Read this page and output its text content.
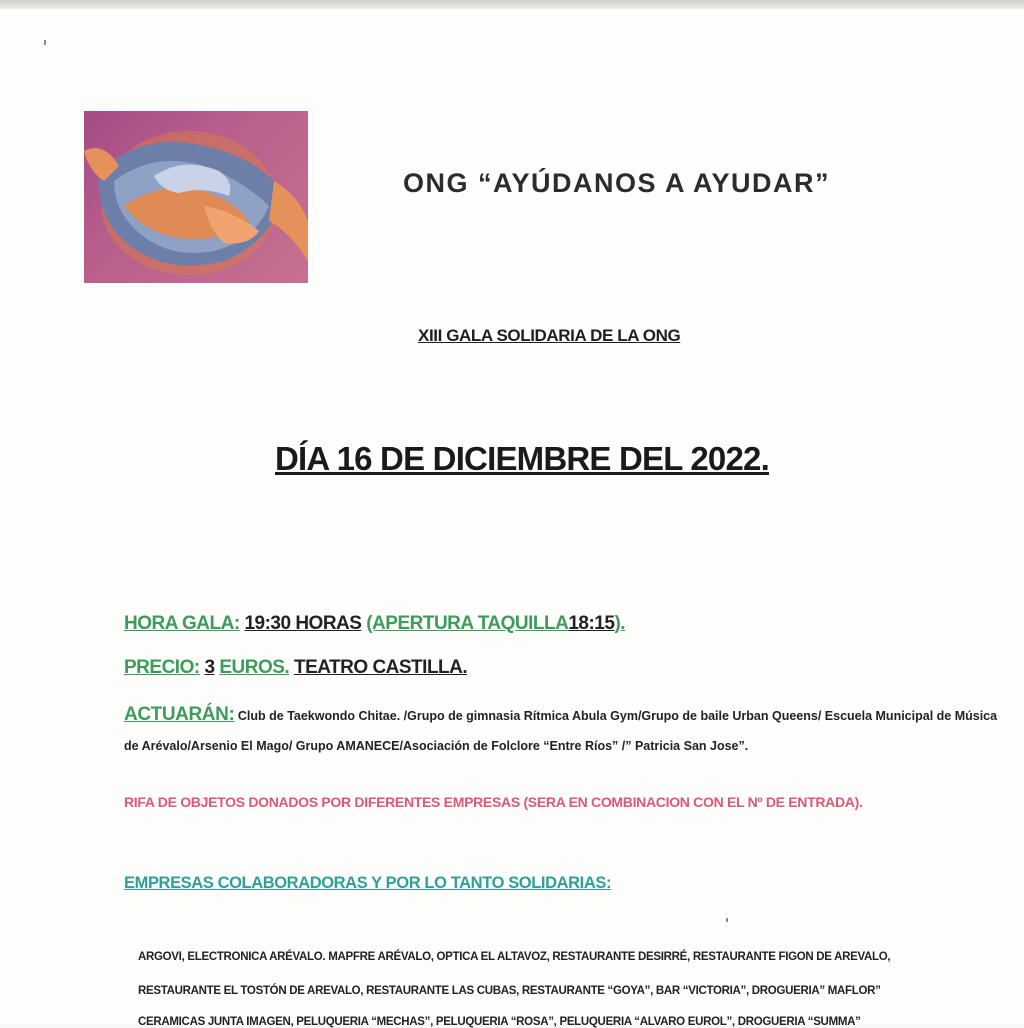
ONG “AYÚDANOS A AYUDAR”
XIII GALA SOLIDARIA DE LA ONG
DÍA 16 DE DICIEMBRE DEL 2022.
HORA GALA: 19:30 HORAS (APERTURA TAQUILLA18:15).
PRECIO: 3 EUROS. TEATRO CASTILLA.
ACTUARÁN: Club de Taekwondo Chitae. /Grupo de gimnasia Rítmica Abula Gym/Grupo de baile Urban Queens/ Escuela Municipal de Música de Arévalo/Arsenio El Mago/ Grupo AMANECE/Asociación de Folclore “Entre Ríos” /” Patricia San Jose”.
RIFA DE OBJETOS DONADOS POR DIFERENTES EMPRESAS (SERA EN COMBINACION CON EL Nº DE ENTRADA).
EMPRESAS COLABORADORAS Y POR LO TANTO SOLIDARIAS:
ARGOVI, ELECTRONICA ARÉVALO. MAPFRE ARÉVALO, OPTICA EL ALTAVOZ, RESTAURANTE DESIRRÉ, RESTAURANTE FIGON DE AREVALO,
RESTAURANTE EL TOSTÓN DE AREVALO, RESTAURANTE LAS CUBAS, RESTAURANTE “GOYA”, BAR “VICTORIA”, DROGUERIA” MAFLOR”
CERAMICAS JUNTA IMAGEN, PELUQUERIA “MECHAS”, PELUQUERIA “ROSA”, PELUQUERIA “ALVARO EUROL”, DROGUERIA “SUMMA”
